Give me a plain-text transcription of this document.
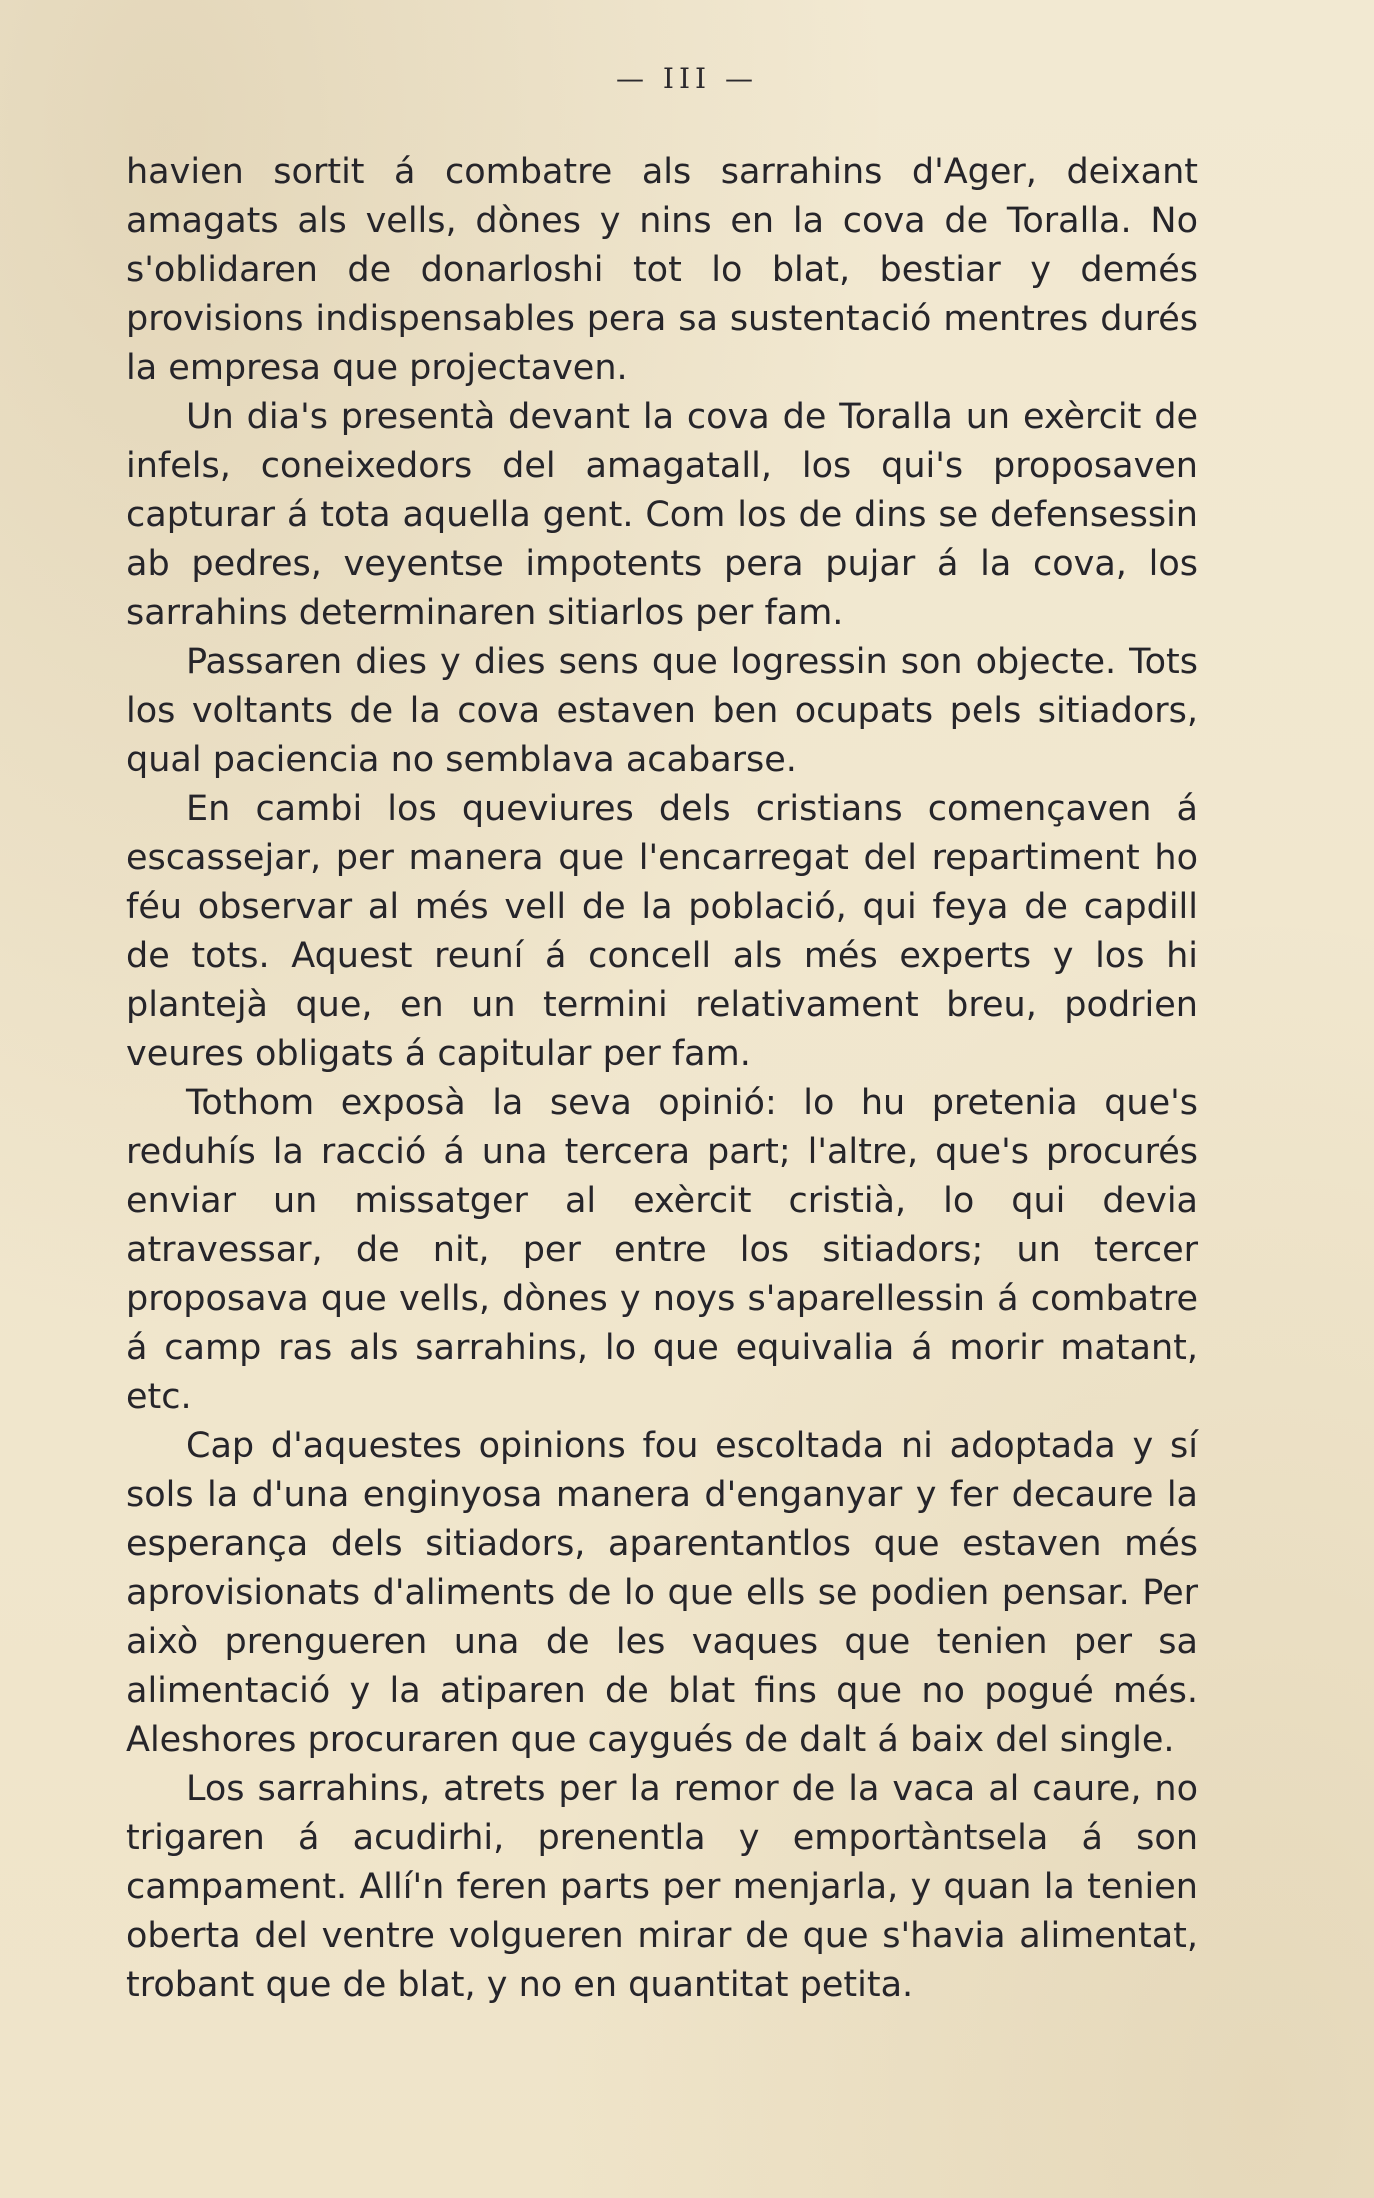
— III —

havien sortit á combatre als sarrahins d'Ager, deixant amagats als vells, dònes y nins en la cova de Toralla. No s'oblidaren de donarloshi tot lo blat, bestiar y demés provisions indispensables pera sa sustentació mentres durés la empresa que projectaven.

Un dia's presentà devant la cova de Toralla un exèrcit de infels, coneixedors del amagatall, los qui's proposaven capturar á tota aquella gent. Com los de dins se defensessin ab pedres, veyentse impotents pera pujar á la cova, los sarrahins determinaren sitiarlos per fam.

Passaren dies y dies sens que logressin son objecte. Tots los voltants de la cova estaven ben ocupats pels sitiadors, qual paciencia no semblava acabarse.

En cambi los queviures dels cristians començaven á escassejar, per manera que l'encarregat del repartiment ho féu observar al més vell de la població, qui feya de capdill de tots. Aquest reuní á concell als més experts y los hi plantejà que, en un termini relativament breu, podrien veures obligats á capitular per fam.

Tothom exposà la seva opinió: lo hu pretenia que's reduhís la racció á una tercera part; l'altre, que's procurés enviar un missatger al exèrcit cristià, lo qui devia atravessar, de nit, per entre los sitiadors; un tercer proposava que vells, dònes y noys s'aparellessin á combatre á camp ras als sarrahins, lo que equivalia á morir matant, etc.

Cap d'aquestes opinions fou escoltada ni adoptada y sí sols la d'una enginyosa manera d'enganyar y fer decaure la esperança dels sitiadors, aparentantlos que estaven més aprovisionats d'aliments de lo que ells se podien pensar. Per això prengueren una de les vaques que tenien per sa alimentació y la atiparen de blat fins que no pogué més. Aleshores procuraren que caygués de dalt á baix del single.

Los sarrahins, atrets per la remor de la vaca al caure, no trigaren á acudirhi, prenentla y emportàntsela á son campament. Allí'n feren parts per menjarla, y quan la tenien oberta del ventre volgueren mirar de que s'havia alimentat, trobant que de blat, y no en quantitat petita.
